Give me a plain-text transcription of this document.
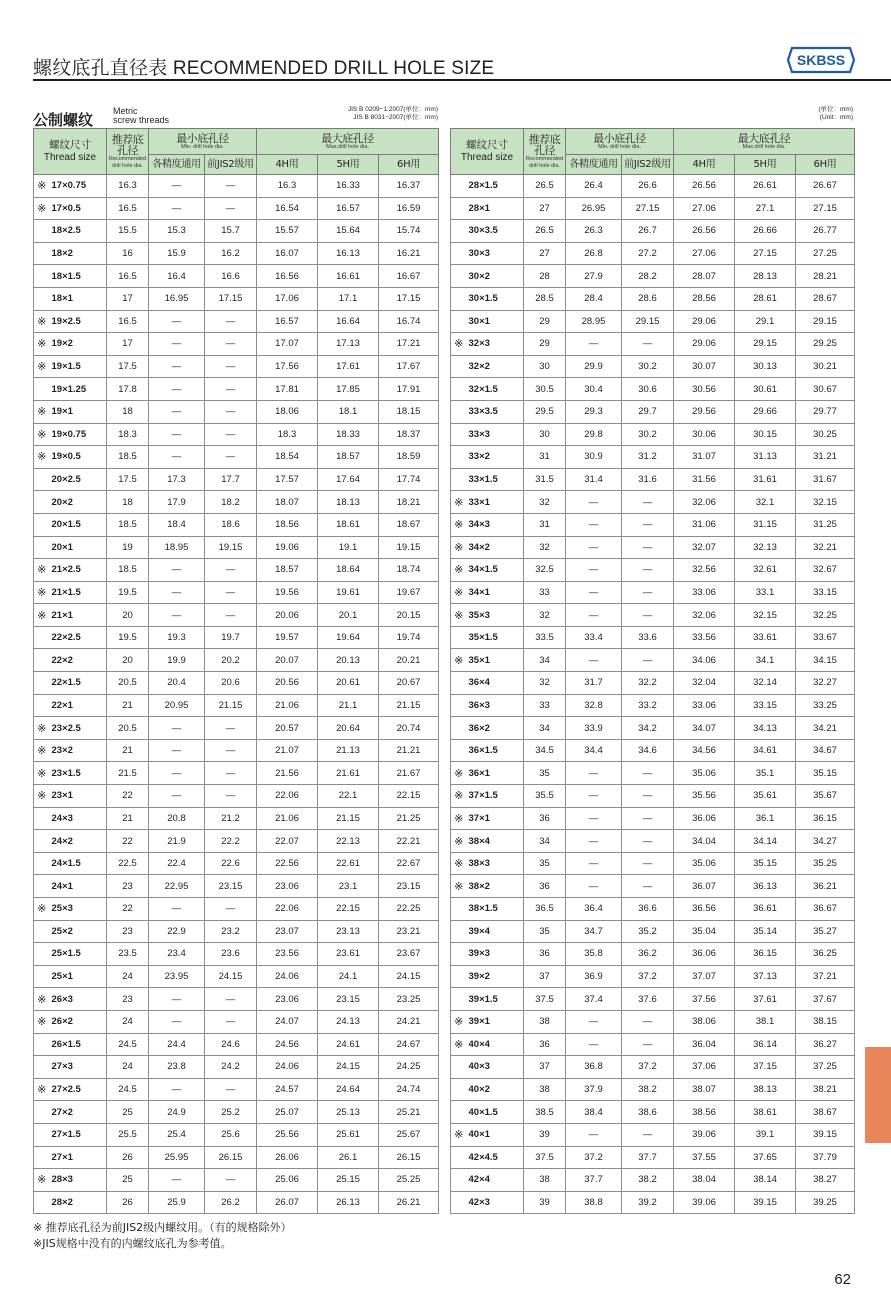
螺纹底孔直径表 RECOMMENDED DRILL HOLE SIZE	SKBSS
公制螺纹 Metric
screw threads
JIS B 0209−1:2007(单位：mm)
JIS B 8031−2007(单位：mm)
(单位：mm)
(Unit：mm)
螺纹尺寸
Thread size		推荐底孔径
Recommended
drill hole dia.	最小底孔径
Min. drill hole dia.		最大底孔径
Max.drill hole dia.		

			各精度通用	前JIS2级用	4H用	5H用	6H用
※	17×0.75	16.3	—	—	16.3	16.33	16.37
※	17×0.5	16.5	—	—	16.54	16.57	16.59
	18×2.5	15.5	15.3	15.7	15.57	15.64	15.74
	18×2	16	15.9	16.2	16.07	16.13	16.21
	18×1.5	16.5	16.4	16.6	16.56	16.61	16.67
	18×1	17	16.95	17.15	17.06	17.1	17.15
※	19×2.5	16.5	—	—	16.57	16.64	16.74
※	19×2	17	—	—	17.07	17.13	17.21
※	19×1.5	17.5	—	—	17.56	17.61	17.67
	19×1.25	17.8	—	—	17.81	17.85	17.91
※	19×1	18	—	—	18.06	18.1	18.15
※	19×0.75	18.3	—	—	18.3	18.33	18.37
※	19×0.5	18.5	—	—	18.54	18.57	18.59
	20×2.5	17.5	17.3	17.7	17.57	17.64	17.74
	20×2	18	17.9	18.2	18.07	18.13	18.21
	20×1.5	18.5	18.4	18.6	18.56	18.61	18.67
	20×1	19	18.95	19.15	19.06	19.1	19.15
※	21×2.5	18.5	—	—	18.57	18.64	18.74
※	21×1.5	19.5	—	—	19.56	19.61	19.67
※	21×1	20	—	—	20.06	20.1	20.15
	22×2.5	19.5	19.3	19.7	19.57	19.64	19.74
	22×2	20	19.9	20.2	20.07	20.13	20.21
	22×1.5	20.5	20.4	20.6	20.56	20.61	20.67
	22×1	21	20.95	21.15	21.06	21.1	21.15
※	23×2.5	20.5	—	—	20.57	20.64	20.74
※	23×2	21	—	—	21.07	21.13	21.21
※	23×1.5	21.5	—	—	21.56	21.61	21.67
※	23×1	22	—	—	22.06	22.1	22.15
	24×3	21	20.8	21.2	21.06	21.15	21.25
	24×2	22	21.9	22.2	22.07	22.13	22.21
	24×1.5	22.5	22.4	22.6	22.56	22.61	22.67
	24×1	23	22.95	23.15	23.06	23.1	23.15
※	25×3	22	—	—	22.06	22.15	22.25
	25×2	23	22.9	23.2	23.07	23.13	23.21
	25×1.5	23.5	23.4	23.6	23.56	23.61	23.67
	25×1	24	23.95	24.15	24.06	24.1	24.15
※	26×3	23	—	—	23.06	23.15	23.25
※	26×2	24	—	—	24.07	24.13	24.21
	26×1.5	24.5	24.4	24.6	24.56	24.61	24.67
	27×3	24	23.8	24.2	24.06	24.15	24.25
※	27×2.5	24.5	—	—	24.57	24.64	24.74
	27×2	25	24.9	25.2	25.07	25.13	25.21
	27×1.5	25.5	25.4	25.6	25.56	25.61	25.67
	27×1	26	25.95	26.15	26.06	26.1	26.15
※	28×3	25	—	—	25.06	25.15	25.25
	28×2	26	25.9	26.2	26.07	26.13	26.21
螺纹尺寸
Thread size		推荐底孔径
Recommended
drill hole dia.	最小底孔径
Min. drill hole dia.		最大底孔径
Max.drill hole dia.		

			各精度通用	前JIS2级用	4H用	5H用	6H用
	28×1.5	26.5	26.4	26.6	26.56	26.61	26.67
	28×1	27	26.95	27.15	27.06	27.1	27.15
	30×3.5	26.5	26.3	26.7	26.56	26.66	26.77
	30×3	27	26.8	27.2	27.06	27.15	27.25
	30×2	28	27.9	28.2	28.07	28.13	28.21
	30×1.5	28.5	28.4	28.6	28.56	28.61	28.67
	30×1	29	28.95	29.15	29.06	29.1	29.15
※	32×3	29	—	—	29.06	29.15	29.25
	32×2	30	29.9	30.2	30.07	30.13	30.21
	32×1.5	30.5	30.4	30.6	30.56	30.61	30.67
	33×3.5	29.5	29.3	29.7	29.56	29.66	29.77
	33×3	30	29.8	30.2	30.06	30.15	30.25
	33×2	31	30.9	31.2	31.07	31.13	31.21
	33×1.5	31.5	31.4	31.6	31.56	31.61	31.67
※	33×1	32	—	—	32.06	32.1	32.15
※	34×3	31	—	—	31.06	31.15	31.25
※	34×2	32	—	—	32.07	32.13	32.21
※	34×1.5	32.5	—	—	32.56	32.61	32.67
※	34×1	33	—	—	33.06	33.1	33.15
※	35×3	32	—	—	32.06	32.15	32.25
	35×1.5	33.5	33.4	33.6	33.56	33.61	33.67
※	35×1	34	—	—	34.06	34.1	34.15
	36×4	32	31.7	32.2	32.04	32.14	32.27
	36×3	33	32.8	33.2	33.06	33.15	33.25
	36×2	34	33.9	34.2	34.07	34.13	34.21
	36×1.5	34.5	34.4	34.6	34.56	34.61	34.67
※	36×1	35	—	—	35.06	35.1	35.15
※	37×1.5	35.5	—	—	35.56	35.61	35.67
※	37×1	36	—	—	36.06	36.1	36.15
※	38×4	34	—	—	34.04	34.14	34.27
※	38×3	35	—	—	35.06	35.15	35.25
※	38×2	36	—	—	36.07	36.13	36.21
	38×1.5	36.5	36.4	36.6	36.56	36.61	36.67
	39×4	35	34.7	35.2	35.04	35.14	35.27
	39×3	36	35.8	36.2	36.06	36.15	36.25
	39×2	37	36.9	37.2	37.07	37.13	37.21
	39×1.5	37.5	37.4	37.6	37.56	37.61	37.67
※	39×1	38	—	—	38.06	38.1	38.15
※	40×4	36	—	—	36.04	36.14	36.27
	40×3	37	36.8	37.2	37.06	37.15	37.25
	40×2	38	37.9	38.2	38.07	38.13	38.21
	40×1.5	38.5	38.4	38.6	38.56	38.61	38.67
※	40×1	39	—	—	39.06	39.1	39.15
	42×4.5	37.5	37.2	37.7	37.55	37.65	37.79
	42×4	38	37.7	38.2	38.04	38.14	38.27
	42×3	39	38.8	39.2	39.06	39.15	39.25
※ 推荐底孔径为前JIS2级内螺纹用。（有的规格除外）
※JIS规格中没有的内螺纹底孔为参考值。
62
